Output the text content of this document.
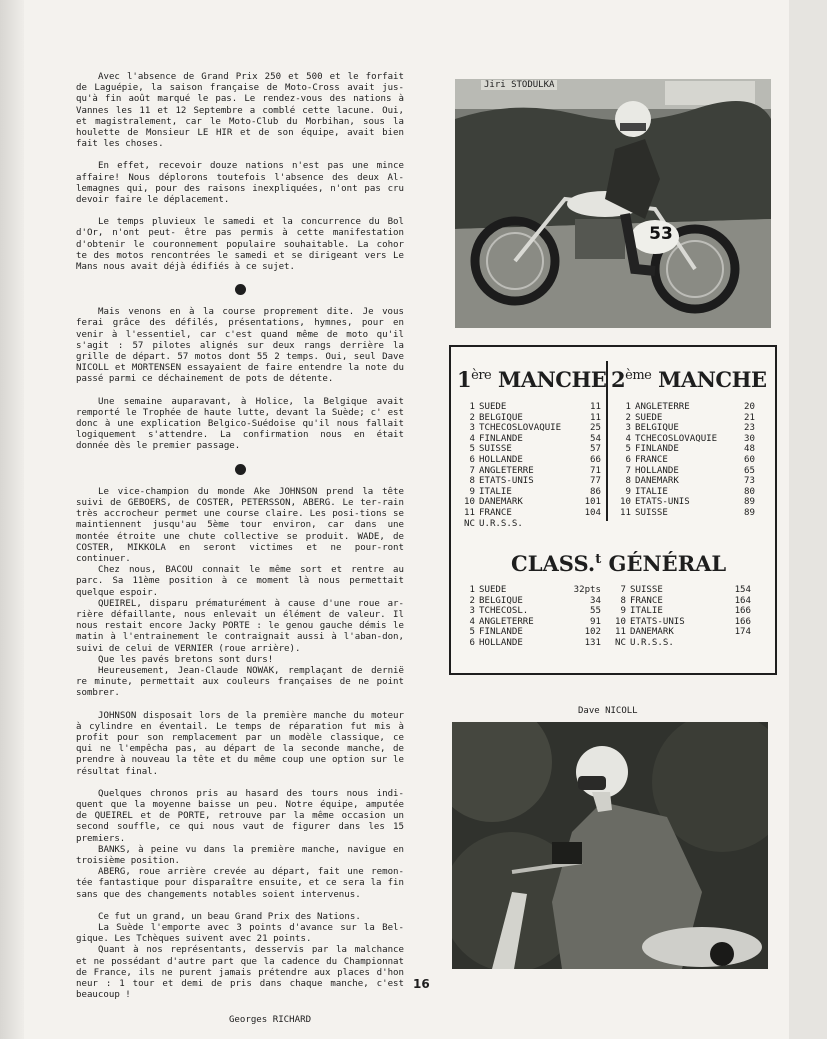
Avec l'absence de Grand Prix 250 et 500 et le forfait de Laguépie, la saison française de Moto-Cross avait jus-qu'à fin août marqué le pas. Le rendez-vous des nations à Vannes les 11 et 12 Septembre a comblé cette lacune. Oui, et magistralement, car le Moto-Club du Morbihan, sous la houlette de Monsieur LE HIR et de son équipe, avait bien fait les choses.

En effet, recevoir douze nations n'est pas une mince affaire! Nous déplorons toutefois l'absence des deux Al-lemagnes qui, pour des raisons inexpliquées, n'ont pas cru devoir faire le déplacement.

Le temps pluvieux le samedi et la concurrence du Bol d'Or, n'ont peut- être pas permis à cette manifestation d'obtenir le couronnement populaire souhaitable. La cohor te des motos rencontrées le samedi et se dirigeant vers Le Mans nous avait déjà édifiés à ce sujet.

Mais venons en à la course proprement dite. Je vous ferai grâce des défilés, présentations, hymnes, pour en venir à l'essentiel, car c'est quand même de moto qu'il s'agit : 57 pilotes alignés sur deux rangs derrière la grille de départ. 57 motos dont 55 2 temps. Oui, seul Dave NICOLL et MORTENSEN essayaient de faire entendre la note du passé parmi ce déchainement de pots de détente.

Une semaine auparavant, à Holice, la Belgique avait remporté le Trophée de haute lutte, devant la Suède; c' est donc à une explication Belgico-Suédoise qu'il nous fallait logiquement s'attendre. La confirmation nous en était donnée dès le premier passage.

Le vice-champion du monde Ake JOHNSON prend la tête suivi de GEBOERS, de COSTER, PETERSSON, ABERG. Le ter-rain très accrocheur permet une course claire. Les posi-tions se maintiennent jusqu'au 5ème tour environ, car dans une montée étroite une chute collective se produit. WADE, de COSTER, MIKKOLA en seront victimes et ne pour-ront continuer.

Chez nous, BACOU connait le même sort et rentre au parc. Sa 11ème position à ce moment là nous permettait quelque espoir.

QUEIREL, disparu prématurément à cause d'une roue ar-rière défaillante, nous enlevait un élément de valeur. Il nous restait encore Jacky PORTE : le genou gauche démis le matin à l'entrainement le contraignait aussi à l'aban-don, suivi de celui de VERNIER (roue arrière).

Que les pavés bretons sont durs!

Heureusement, Jean-Claude NOWAK, remplaçant de dernië re minute, permettait aux couleurs françaises de ne point sombrer.

JOHNSON disposait lors de la première manche du moteur à cylindre en éventail. Le temps de réparation fut mis à profit pour son remplacement par un modèle classique, ce qui ne l'empêcha pas, au départ de la seconde manche, de prendre à nouveau la tête et du même coup une option sur le résultat final.

Quelques chronos pris au hasard des tours nous indi-quent que la moyenne baisse un peu. Notre équipe, amputée de QUEIREL et de PORTE, retrouve par la même occasion un second souffle, ce qui nous vaut de figurer dans les 15 premiers.

BANKS, à peine vu dans la première manche, navigue en troisième position.

ABERG, roue arrière crevée au départ, fait une remon-tée fantastique pour disparaître ensuite, et ce sera la fin sans que des changements notables soient intervenus.

Ce fut un grand, un beau Grand Prix des Nations.

La Suède l'emporte avec 3 points d'avance sur la Bel-gique. Les Tchèques suivent avec 21 points.

Quant à nos représentants, desservis par la malchance et ne possédant d'autre part que la cadence du Championnat de France, ils ne purent jamais prétendre aux places d'hon neur : 1 tour et demi de pris dans chaque manche, c'est beaucoup !

Georges RICHARD
53
Jiri STODULKA
1ère MANCHE 2ème MANCHE
1	SUEDE	11
2	BELGIQUE	11
3	TCHECOSLOVAQUIE	25
4	FINLANDE	54
5	SUISSE	57
6	HOLLANDE	66
7	ANGLETERRE	71
8	ETATS-UNIS	77
9	ITALIE	86
10	DANEMARK	101
11	FRANCE	104
NC	U.R.S.S.	
1	ANGLETERRE	20
2	SUEDE	21
3	BELGIQUE	23
4	TCHECOSLOVAQUIE	30
5	FINLANDE	48
6	FRANCE	60
7	HOLLANDE	65
8	DANEMARK	73
9	ITALIE	80
10	ETATS-UNIS	89
11	SUISSE	89
CLASS.$^t$ GÉNÉRAL
1	SUEDE	32pts
2	BELGIQUE	34
3	TCHECOSL.	55
4	ANGLETERRE	91
5	FINLANDE	102
6	HOLLANDE	131
7	SUISSE	154
8	FRANCE	164
9	ITALIE	166
10	ETATS-UNIS	166
11	DANEMARK	174
NC	U.R.S.S.	
Dave NICOLL
16
